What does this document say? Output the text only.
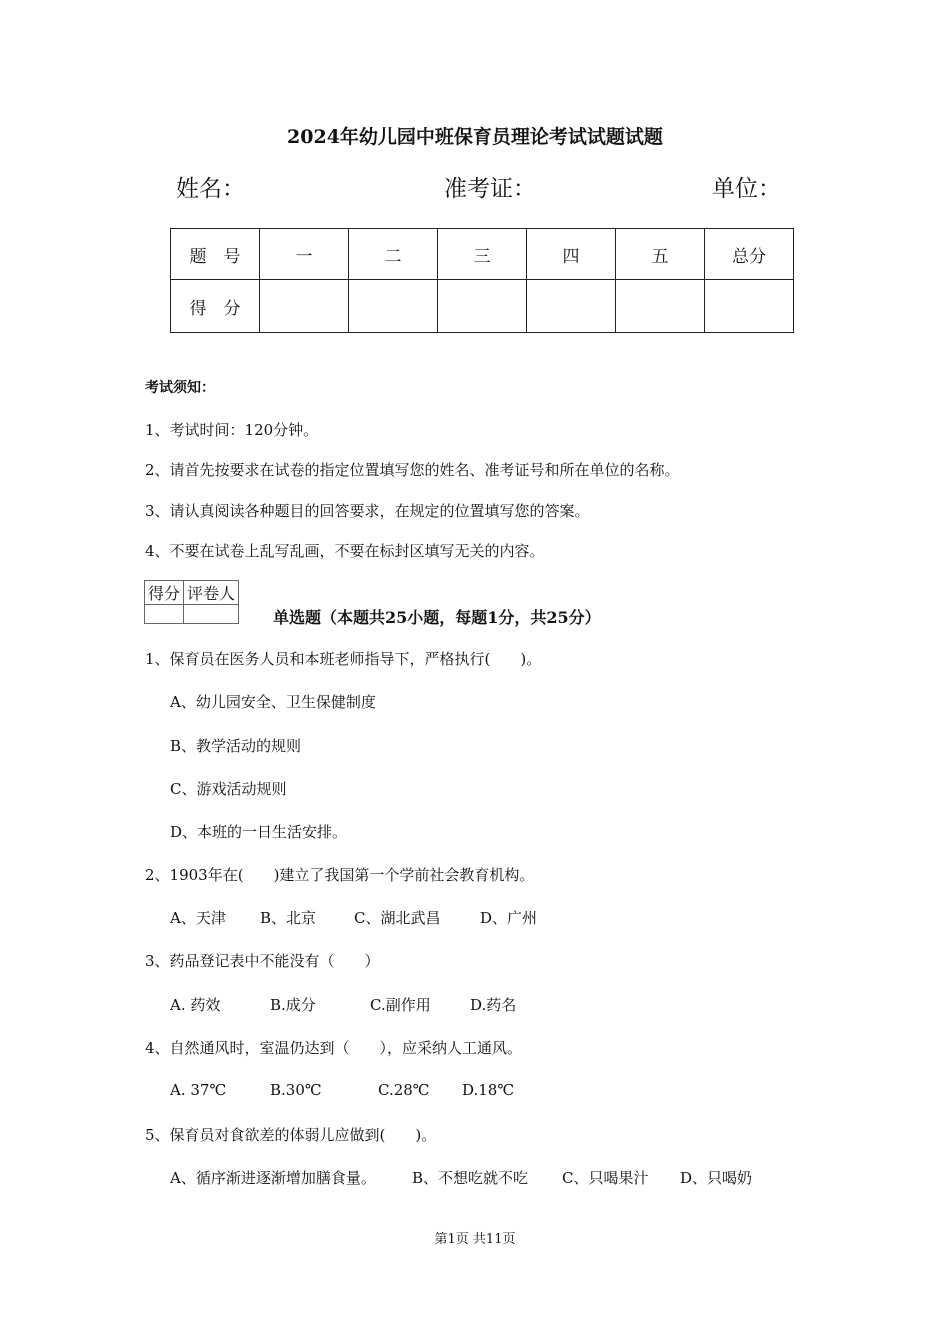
2024年幼儿园中班保育员理论考试试题试题
姓名：	准考证：	单位：
题　号	一	二	三	四	五	总分
得　分						
考试须知：
1、考试时间：120分钟。
2、请首先按要求在试卷的指定位置填写您的姓名、准考证号和所在单位的名称。
3、请认真阅读各种题目的回答要求，在规定的位置填写您的答案。
4、不要在试卷上乱写乱画，不要在标封区填写无关的内容。
得分	评卷人

单选题（本题共25小题，每题1分，共25分）
1、保育员在医务人员和本班老师指导下，严格执行(　　)。
A、幼儿园安全、卫生保健制度
B、教学活动的规则
C、游戏活动规则
D、本班的一日生活安排。
2、1903年在(　　)建立了我国第一个学前社会教育机构。
A、天津 B、北京	C、湖北武昌	D、广州
3、药品登记表中不能没有（　　）
A. 药效	B.成分	C.副作用	D.药名
4、自然通风时，室温仍达到（　　），应采纳人工通风。
A. 37℃	B.30℃	C.28℃ D.18℃
5、保育员对食欲差的体弱儿应做到(　　)。
A、循序渐进逐渐增加膳食量。 B、不想吃就不吃 C、只喝果汁 D、只喝奶
第1页 共11页
